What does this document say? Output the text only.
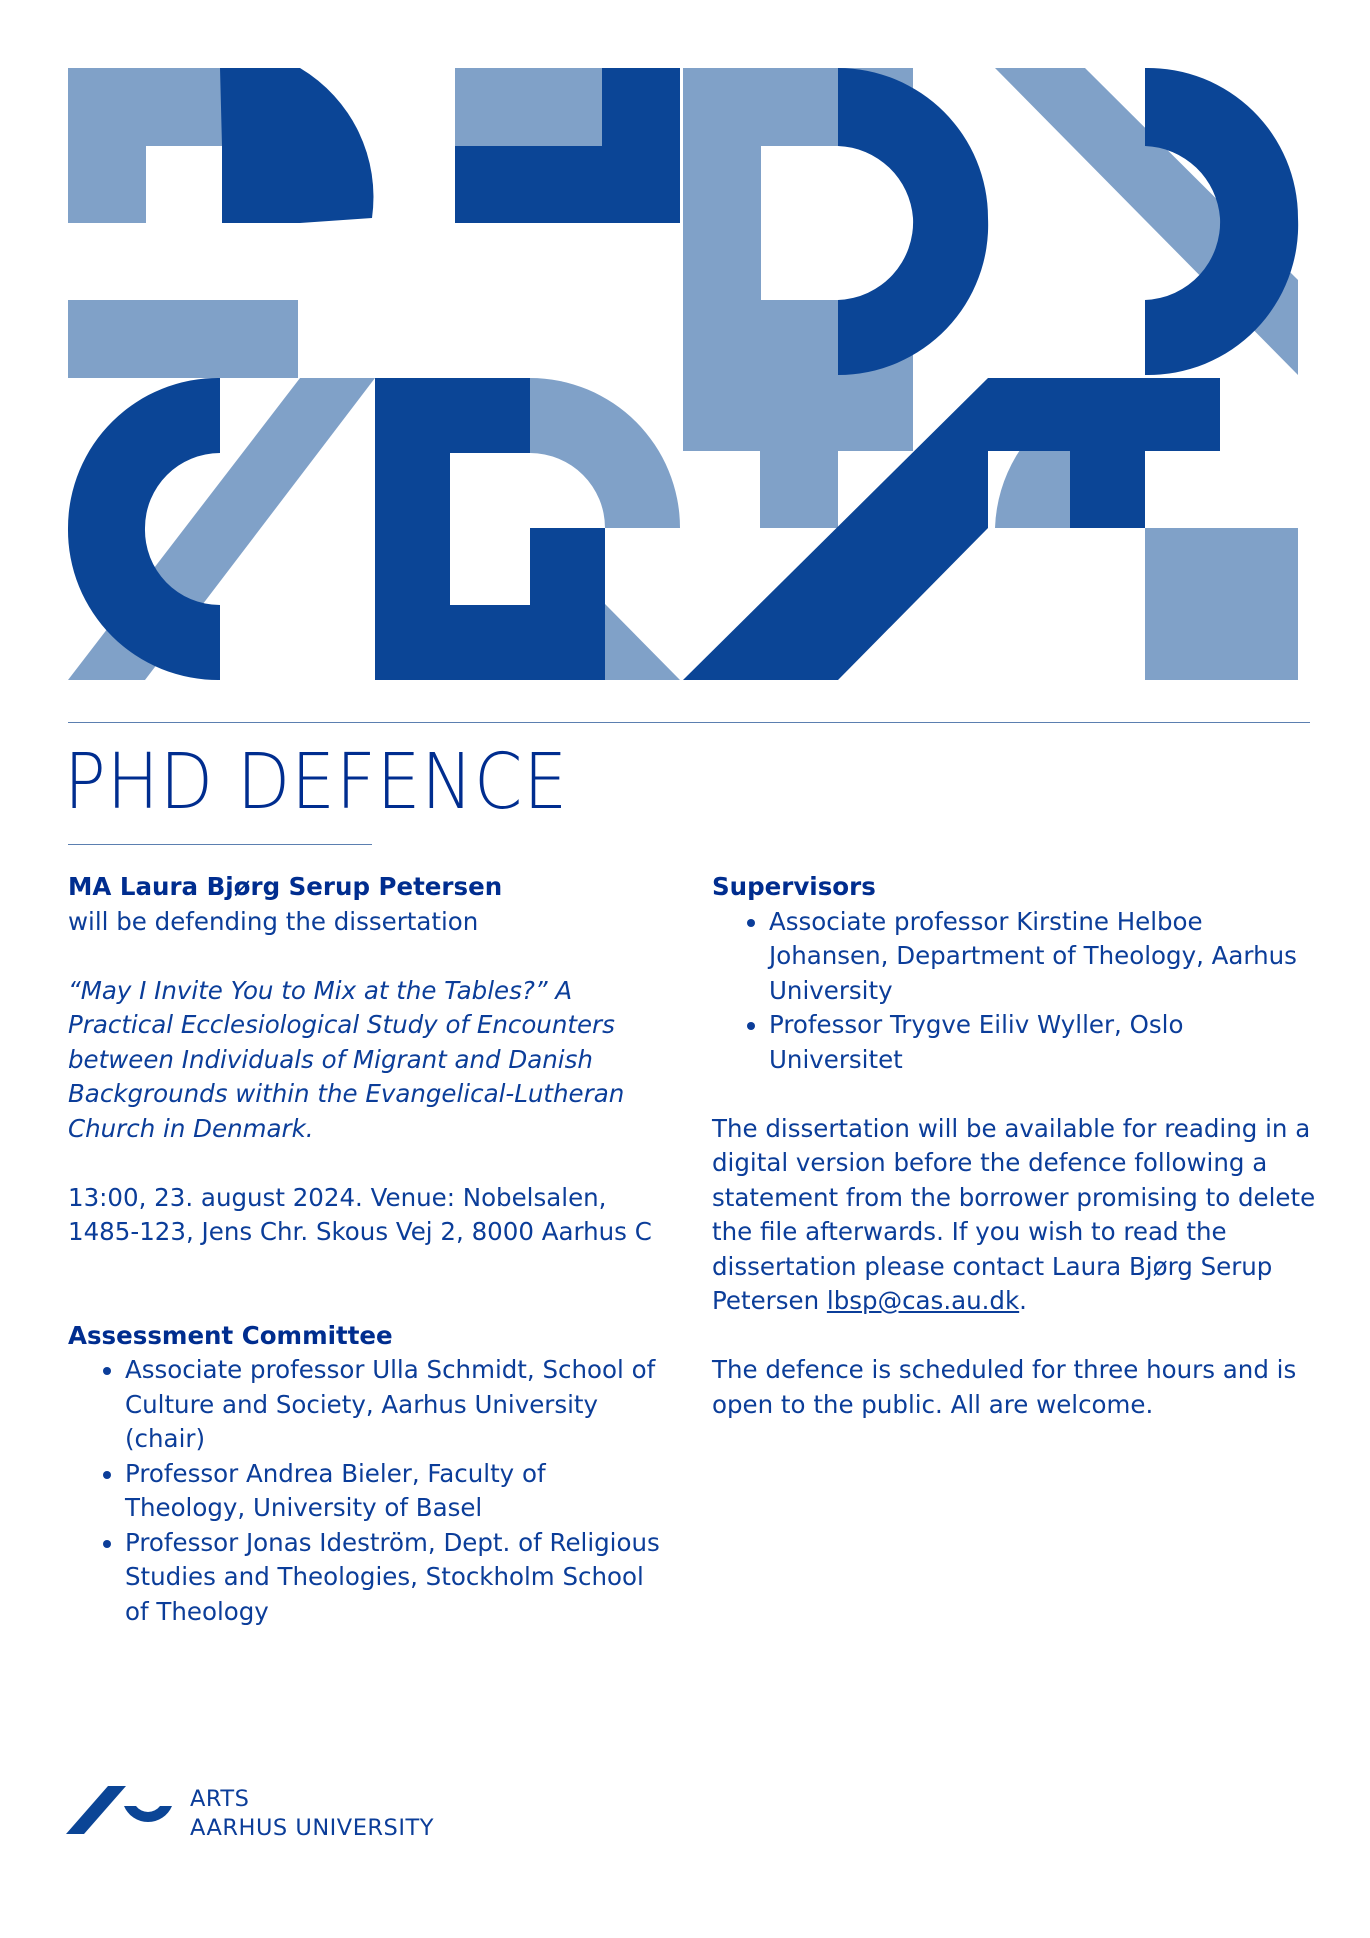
PHD DEFENCE

MA Laura Bjørg Serup Petersen

will be defending the dissertation

“May I Invite You to Mix at the Tables?” A Practical Ecclesiological Study of Encounters between Individuals of Migrant and Danish Backgrounds within the Evangelical-Lutheran Church in Denmark.

13:00, 23. august 2024. Venue: Nobelsalen, 1485-123, Jens Chr. Skous Vej 2, 8000 Aarhus C

Assessment Committee

• Associate professor Ulla Schmidt, School of Culture and Society, Aarhus University (chair)
• Professor Andrea Bieler, Faculty of Theology, University of Basel
• Professor Jonas Ideström, Dept. of Religious Studies and Theologies, Stockholm School of Theology

Supervisors

• Associate professor Kirstine Helboe Johansen, Department of Theology, Aarhus University
• Professor Trygve Eiliv Wyller, Oslo Universitet

The dissertation will be available for reading in a digital version before the defence following a statement from the borrower promising to delete the file afterwards. If you wish to read the dissertation please contact Laura Bjørg Serup Petersen lbsp@cas.au.dk.

The defence is scheduled for three hours and is open to the public. All are welcome.

ARTS
AARHUS UNIVERSITY
